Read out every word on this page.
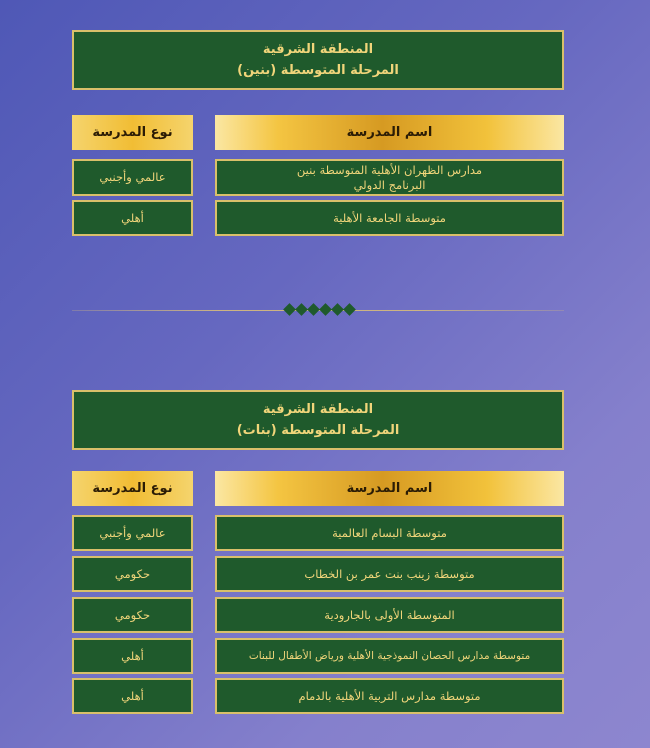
المنطقة الشرقية
المرحلة المتوسطة (بنين)
اسم المدرسة
نوع المدرسة
مدارس الظهران الأهلية المتوسطة بنين البرنامج الدولي
عالمي وأجنبي
متوسطة الجامعة الأهلية
أهلي
المنطقة الشرقية
المرحلة المتوسطة (بنات)
اسم المدرسة
نوع المدرسة
متوسطة البسام العالمية
عالمي وأجنبي
متوسطة زينب بنت عمر بن الخطاب
حكومي
المتوسطة الأولى بالجارودية
حكومي
متوسطة مدارس الحصان النموذجية الأهلية ورياض الأطفال للبنات
أهلي
متوسطة مدارس التربية الأهلية بالدمام
أهلي
